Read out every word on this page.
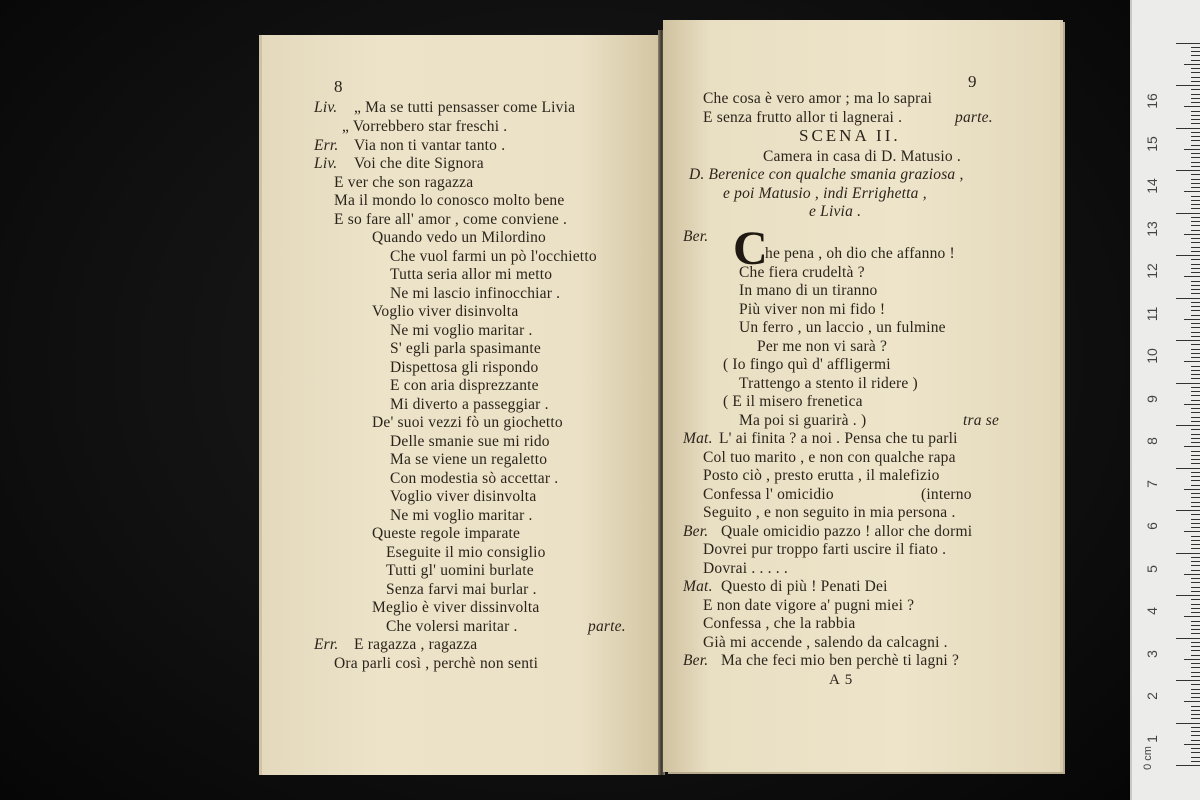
8
Liv. „ Ma se tutti pensasser come Livia
„ Vorrebbero star freschi .
Err. Via non ti vantar tanto .
Liv. Voi che dite Signora
E ver che son ragazza
Ma il mondo lo conosco molto bene
E so fare all' amor , come conviene .
Quando vedo un Milordino
Che vuol farmi un pò l'occhietto
Tutta seria allor mi metto
Ne mi lascio infinocchiar .
Voglio viver disinvolta
Ne mi voglio maritar .
S' egli parla spasimante
Dispettosa gli rispondo
E con aria disprezzante
Mi diverto a passeggiar .
De' suoi vezzi fò un giochetto
Delle smanie sue mi rido
Ma se viene un regaletto
Con modestia sò accettar .
Voglio viver disinvolta
Ne mi voglio maritar .
Queste regole imparate
Eseguite il mio consiglio
Tutti gl' uomini burlate
Senza farvi mai burlar .
Meglio è viver dissinvolta
Che volersi maritar .	parte.
Err. E ragazza , ragazza
Ora parli così , perchè non senti
9
Che cosa è vero amor ; ma lo saprai
E senza frutto allor ti lagnerai .	parte.
SCENA II.
Camera in casa di D. Matusio .
D. Berenice con qualche smania graziosa ,
e poi Matusio , indi Errighetta ,
e Livia .
Ber. C
he pena , oh dio che affanno !
Che fiera crudeltà ?
In mano di un tiranno
Più viver non mi fido !
Un ferro , un laccio , un fulmine
Per me non vi sarà ?
( Io fingo quì d' affligermi
Trattengo a stento il ridere )
( E il misero frenetica
Ma poi si guarirà . )	tra se
Mat. L' ai finita ? a noi . Pensa che tu parli
Col tuo marito , e non con qualche rapa
Posto ciò , presto erutta , il malefizio
Confessa l' omicidio	(interno
Seguito , e non seguito in mia persona .
Ber. Quale omicidio pazzo ! allor che dormi
Dovrei pur troppo farti uscire il fiato .
Dovrai . . . . .
Mat. Questo di più ! Penati Dei
E non date vigore a' pugni miei ?
Confessa , che la rabbia
Già mi accende , salendo da calcagni .
Ber. Ma che feci mio ben perchè ti lagni ?
A 5
0 cm
1
2
3
4
5
6
7
8
9
10
11
12
13
14
15
16
